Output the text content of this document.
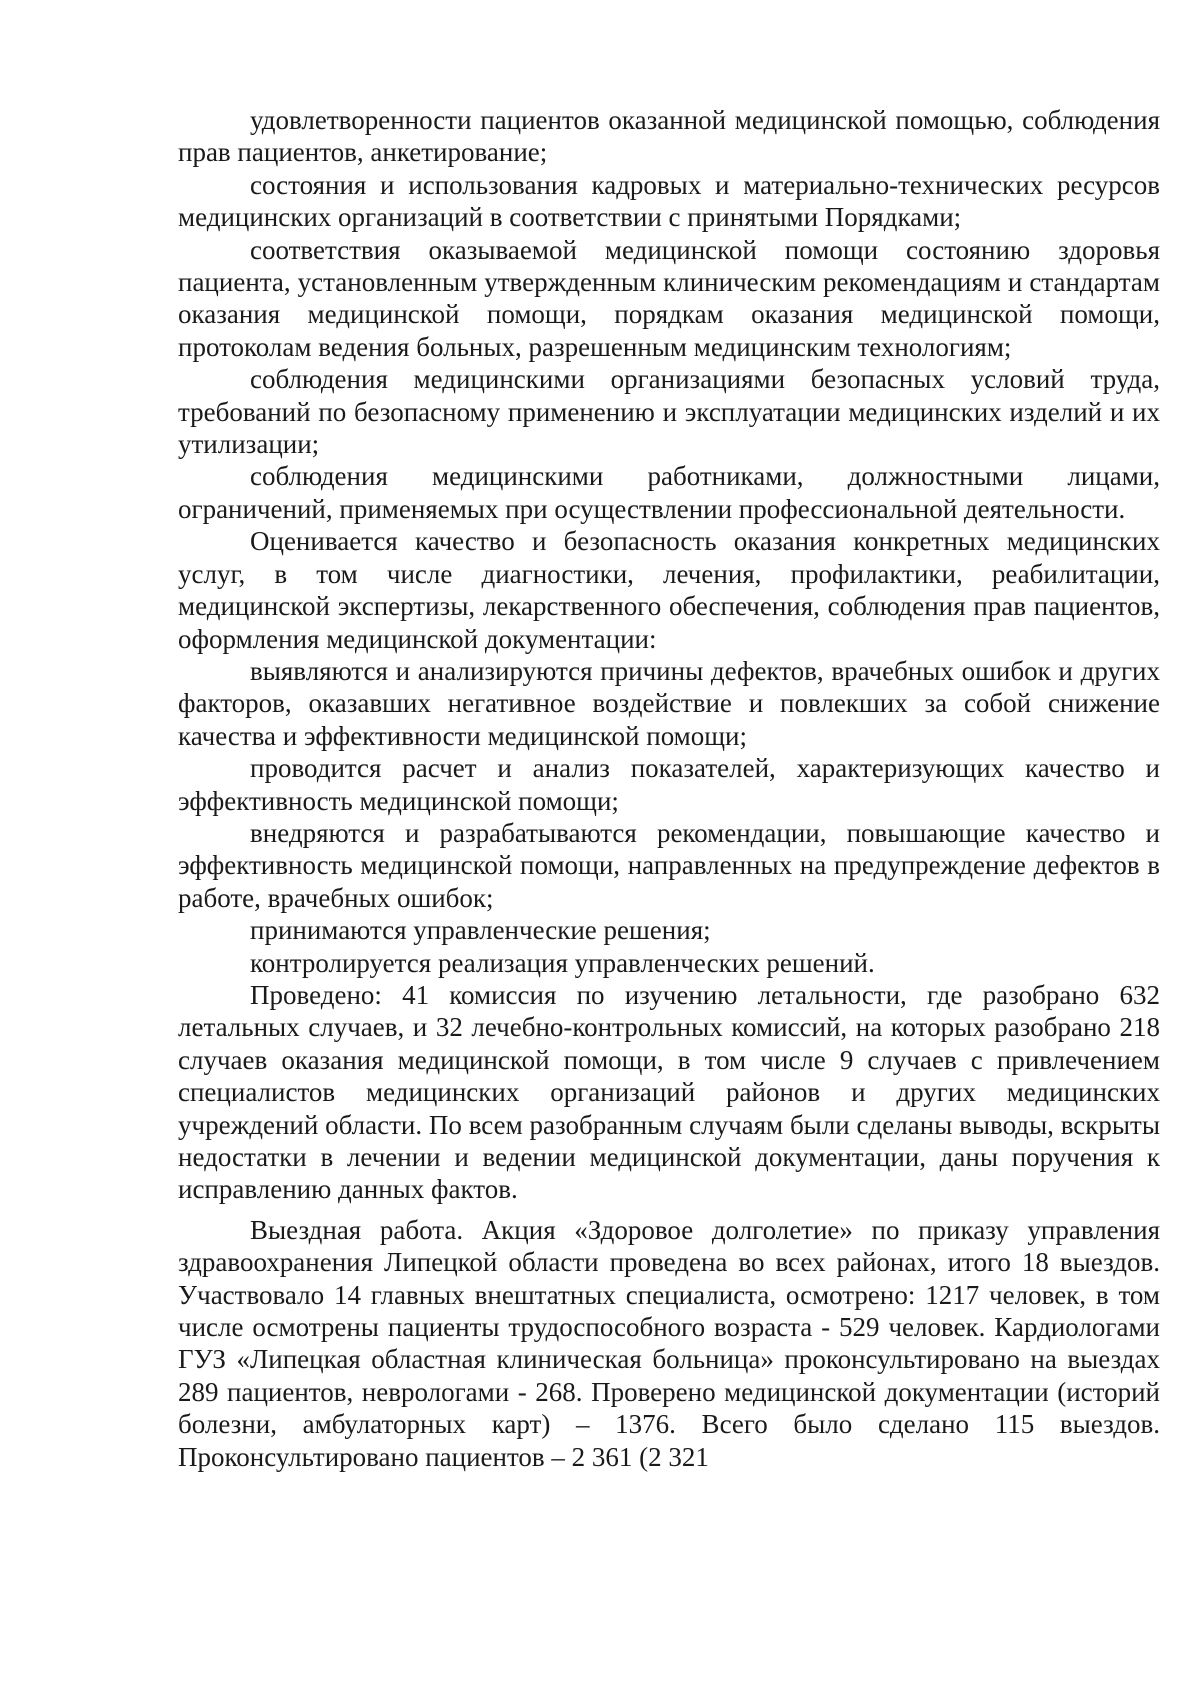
удовлетворенности пациентов оказанной медицинской помощью, соблюдения прав пациентов, анкетирование;

состояния и использования кадровых и материально-технических ресурсов медицинских организаций в соответствии с принятыми Порядками;

соответствия оказываемой медицинской помощи состоянию здоровья пациента, установленным утвержденным клиническим рекомендациям и стандартам оказания медицинской помощи, порядкам оказания медицинской помощи, протоколам ведения больных, разрешенным медицинским технологиям;

соблюдения медицинскими организациями безопасных условий труда, требований по безопасному применению и эксплуатации медицинских изделий и их утилизации;

соблюдения медицинскими работниками, должностными лицами, ограничений, применяемых при осуществлении профессиональной деятельности.

Оценивается качество и безопасность оказания конкретных медицинских услуг, в том числе диагностики, лечения, профилактики, реабилитации, медицинской экспертизы, лекарственного обеспечения, соблюдения прав пациентов, оформления медицинской документации:

выявляются и анализируются причины дефектов, врачебных ошибок и других факторов, оказавших негативное воздействие и повлекших за собой снижение качества и эффективности медицинской помощи;

проводится расчет и анализ показателей, характеризующих качество и эффективность медицинской помощи;

внедряются и разрабатываются рекомендации, повышающие качество и эффективность медицинской помощи, направленных на предупреждение дефектов в работе, врачебных ошибок;

принимаются управленческие решения;

контролируется реализация управленческих решений.

Проведено: 41 комиссия по изучению летальности, где разобрано 632 летальных случаев, и 32 лечебно-контрольных комиссий, на которых разобрано 218 случаев оказания медицинской помощи, в том числе 9 случаев с привлечением специалистов медицинских организаций районов и других медицинских учреждений области. По всем разобранным случаям были сделаны выводы, вскрыты недостатки в лечении и ведении медицинской документации, даны поручения к исправлению данных фактов.

Выездная работа. Акция «Здоровое долголетие» по приказу управления здравоохранения Липецкой области проведена во всех районах, итого 18 выездов. Участвовало 14 главных внештатных специалиста, осмотрено: 1217 человек, в том числе осмотрены пациенты трудоспособного возраста - 529 человек. Кардиологами ГУЗ «Липецкая областная клиническая больница» проконсультировано на выездах 289 пациентов, неврологами - 268. Проверено медицинской документации (историй болезни, амбулаторных карт) – 1376. Всего было сделано 115 выездов. Проконсультировано пациентов – 2 361 (2 321
